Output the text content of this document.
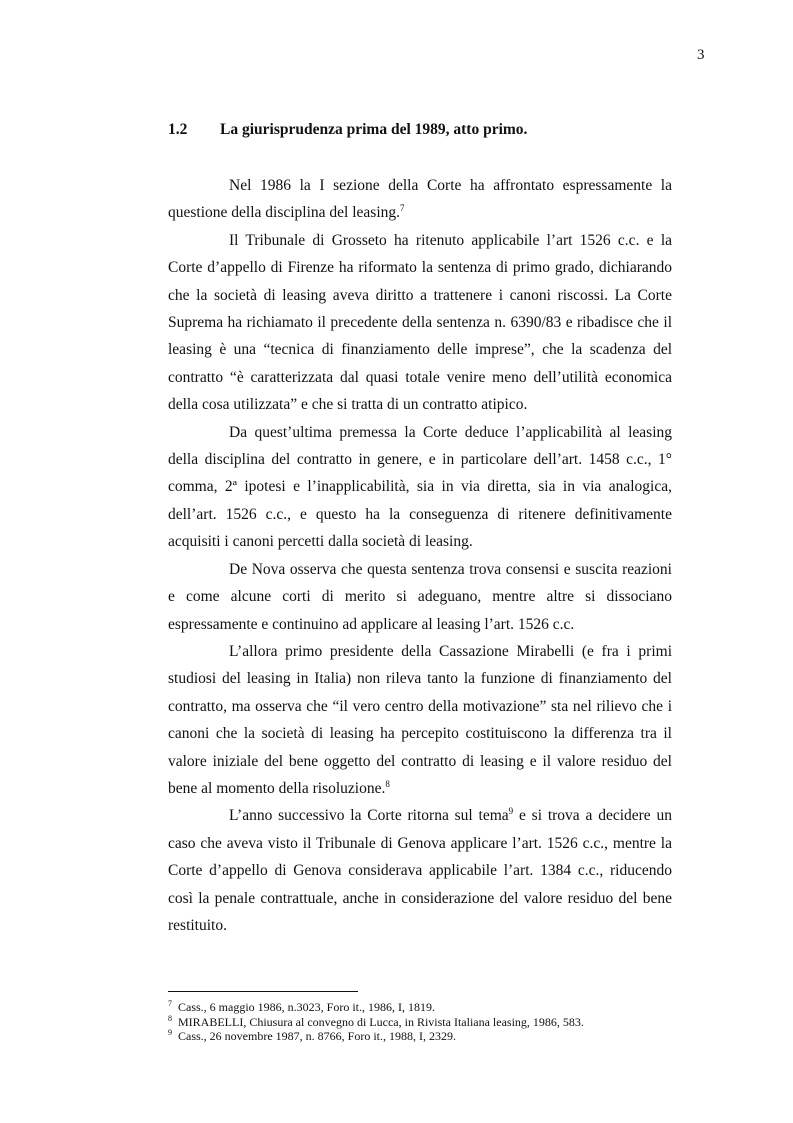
3
1.2 La giurisprudenza prima del 1989, atto primo.

Nel 1986 la I sezione della Corte ha affrontato espressamente la questione della disciplina del leasing.$^7$

Il Tribunale di Grosseto ha ritenuto applicabile l’art 1526 c.c. e la Corte d’appello di Firenze ha riformato la sentenza di primo grado, dichiarando che la società di leasing aveva diritto a trattenere i canoni riscossi. La Corte Suprema ha richiamato il precedente della sentenza n. 6390/83 e ribadisce che il leasing è una “tecnica di finanziamento delle imprese”, che la scadenza del contratto “è caratterizzata dal quasi totale venire meno dell’utilità economica della cosa utilizzata” e che si tratta di un contratto atipico.

Da quest’ultima premessa la Corte deduce l’applicabilità al leasing della disciplina del contratto in genere, e in particolare dell’art. 1458 c.c., 1° comma, 2ª ipotesi e l’inapplicabilità, sia in via diretta, sia in via analogica, dell’art. 1526 c.c., e questo ha la conseguenza di ritenere definitivamente acquisiti i canoni percetti dalla società di leasing.

De Nova osserva che questa sentenza trova consensi e suscita reazioni e come alcune corti di merito si adeguano, mentre altre si dissociano espressamente e continuino ad applicare al leasing l’art. 1526 c.c.

L’allora primo presidente della Cassazione Mirabelli (e fra i primi studiosi del leasing in Italia) non rileva tanto la funzione di finanziamento del contratto, ma osserva che “il vero centro della motivazione” sta nel rilievo che i canoni che la società di leasing ha percepito costituiscono la differenza tra il valore iniziale del bene oggetto del contratto di leasing e il valore residuo del bene al momento della risoluzione.$^8$

L’anno successivo la Corte ritorna sul tema$^9$ e si trova a decidere un caso che aveva visto il Tribunale di Genova applicare l’art. 1526 c.c., mentre la Corte d’appello di Genova considerava applicabile l’art. 1384 c.c., riducendo così la penale contrattuale, anche in considerazione del valore residuo del bene restituito.

$^7$ Cass., 6 maggio 1986, n.3023, Foro it., 1986, I, 1819.
$^8$ MIRABELLI, Chiusura al convegno di Lucca, in Rivista Italiana leasing, 1986, 583.
$^9$ Cass., 26 novembre 1987, n. 8766, Foro it., 1988, I, 2329.
